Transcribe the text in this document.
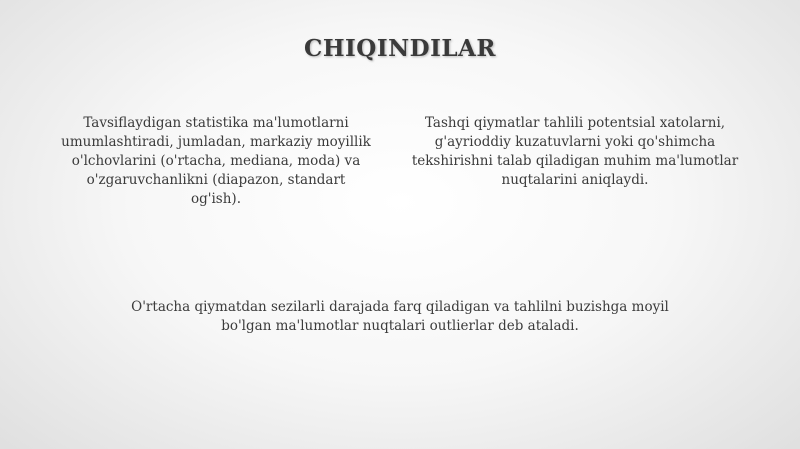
CHIQINDILAR
Tavsiflaydigan statistika ma'lumotlarni umumlashtiradi, jumladan, markaziy moyillik o'lchovlarini (o'rtacha, mediana, moda) va o'zgaruvchanlikni (diapazon, standart og'ish).
Tashqi qiymatlar tahlili potentsial xatolarni, g'ayrioddiy kuzatuvlarni yoki qo'shimcha tekshirishni talab qiladigan muhim ma'lumotlar nuqtalarini aniqlaydi.
O'rtacha qiymatdan sezilarli darajada farq qiladigan va tahlilni buzishga moyil bo'lgan ma'lumotlar nuqtalari outlierlar deb ataladi.
